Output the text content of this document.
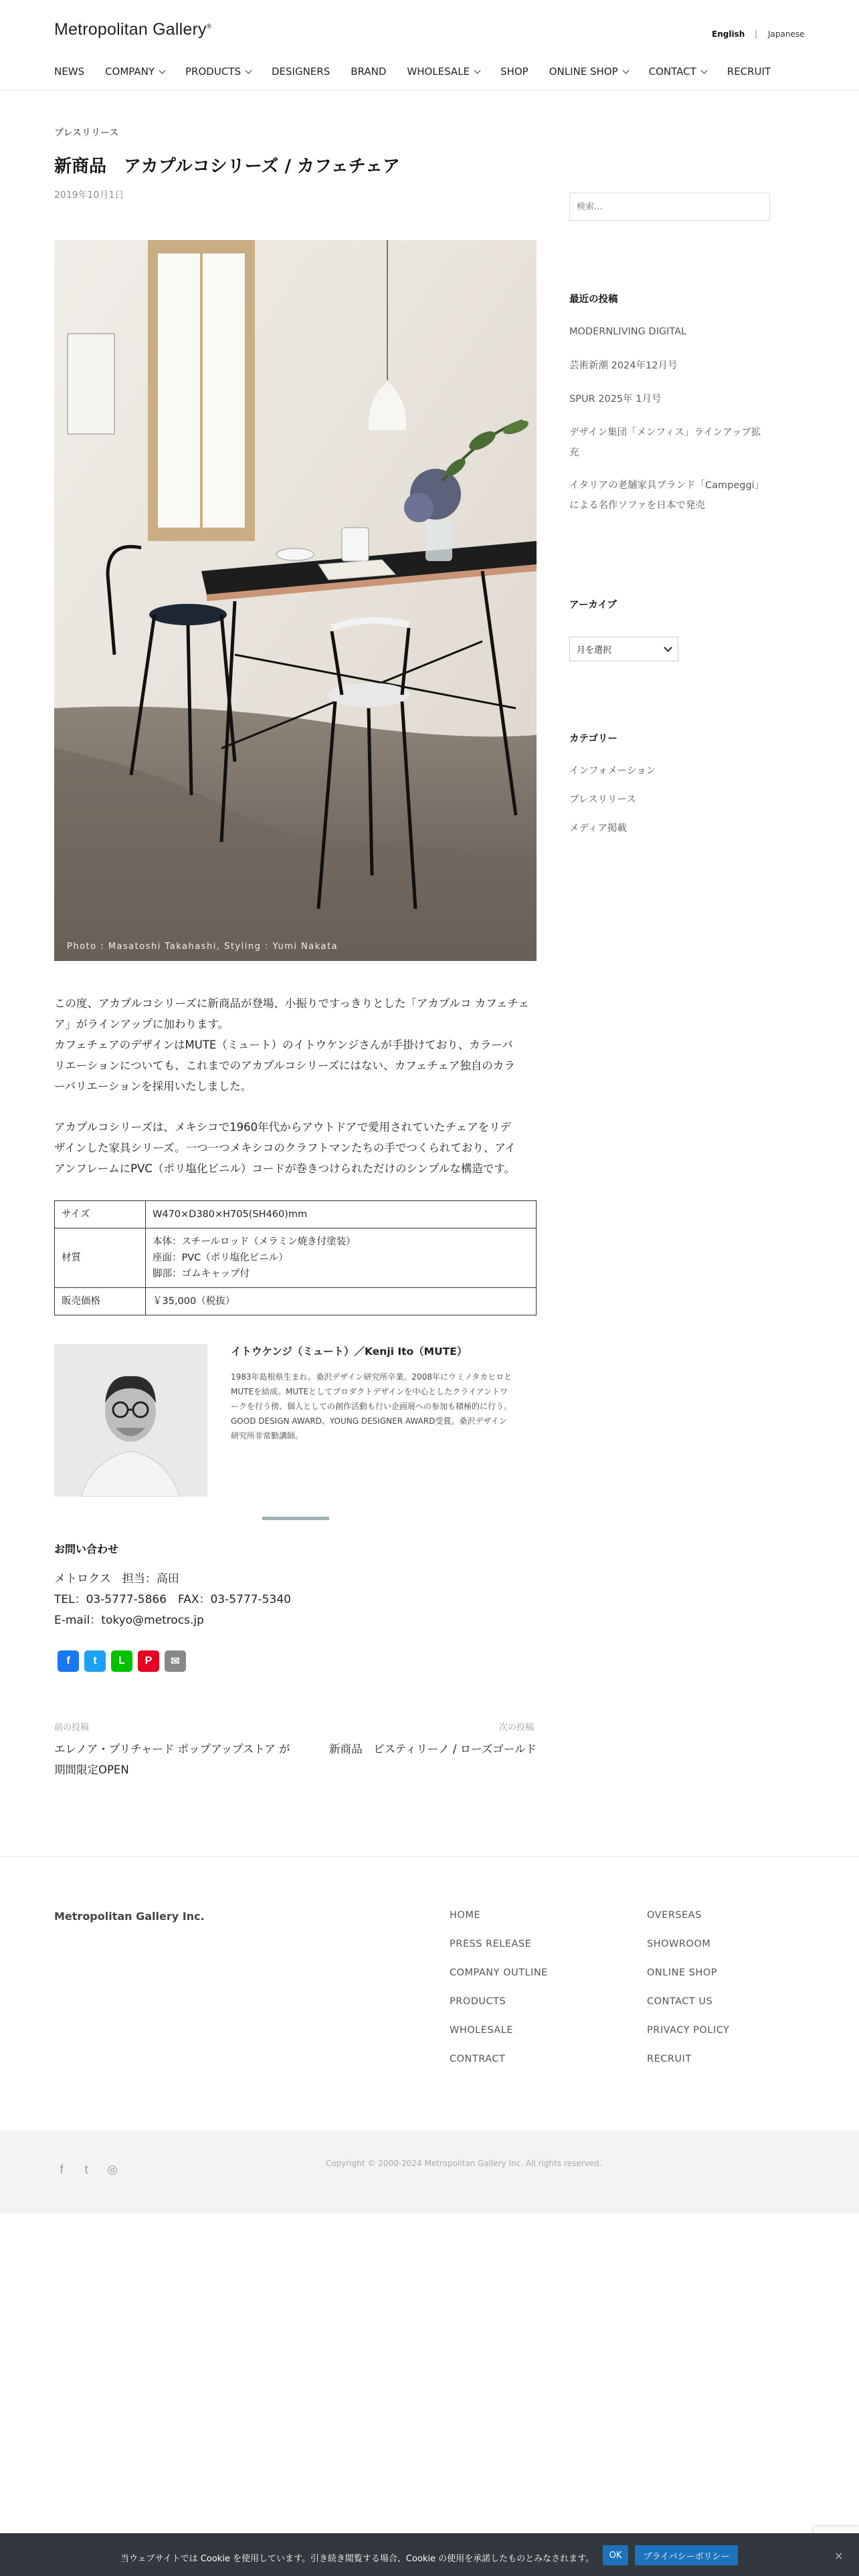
Metropolitan Gallery®
English | Japanese
NEWS COMPANY	PRODUCTS	DESIGNERS BRAND WHOLESALE	SHOP ONLINE SHOP	CONTACT	RECRUIT
プレスリリース
新商品　アカプルコシリーズ / カフェチェア
2019年10月1日
Photo : Masatoshi Takahashi, Styling : Yumi Nakata

この度、アカプルコシリーズに新商品が登場、小振りですっきりとした「アカプルコ カフェチェ

ア」がラインアップに加わります。

カフェチェアのデザインはMUTE（ミュート）のイトウケンジさんが手掛けており、カラーバ

リエーションについても、これまでのアカプルコシリーズにはない、カフェチェア独自のカラ

ーバリエーションを採用いたしました。

アカプルコシリーズは、メキシコで1960年代からアウトドアで愛用されていたチェアをリデ

ザインした家具シリーズ。一つ一つメキシコのクラフトマンたちの手でつくられており、アイ

アンフレームにPVC（ポリ塩化ビニル）コードが巻きつけられただけのシンプルな構造です。

サイズ	W470×D380×H705(SH460)mm
材質	本体：スチールロッド（メラミン焼き付塗装）
座面：PVC（ポリ塩化ビニル）
脚部：ゴムキャップ付

販売価格	￥35,000（税抜）
イトウケンジ（ミュート）／Kenji Ito（MUTE）
1983年島根県生まれ。桑沢デザイン研究所卒業。2008年にウミノタカヒロと
MUTEを結成。MUTEとしてプロダクトデザインを中心としたクライアントワ
ークを行う傍、個人としての創作活動も行い企画展への参加も積極的に行う。
GOOD DESIGN AWARD、YOUNG DESIGNER AWARD受賞。桑沢デザイン
研究所非常勤講師。
お問い合わせ
メトロクス　担当：高田
TEL：03-5777-5866　FAX：03-5777-5340
E-mail：tokyo@metrocs.jp
f	t	L	P	✉
前の投稿	次の投稿
エレノア・プリチャード ポップアップストア が期間限定OPEN
新商品　ピスティリーノ / ローズゴールド
検索...
最近の投稿
MODERNLIVING DIGITAL
芸術新潮 2024年12月号
SPUR 2025年 1月号
デザイン集団「メンフィス」ラインアップ拡充
イタリアの老舗家具ブランド「Campeggi」による名作ソファを日本で発売
アーカイブ
月を選択
カテゴリー
インフォメーション
プレスリリース
メディア掲載
Metropolitan Gallery Inc.	HOME
PRESS RELEASE
COMPANY OUTLINE
PRODUCTS
WHOLESALE
CONTRACT
OVERSEAS
SHOWROOM
ONLINE SHOP
CONTACT US
PRIVACY POLICY
RECRUIT
f	t	◎	Copyright © 2000-2024 Metropolitan Gallery Inc. All rights reserved.
当ウェブサイトでは Cookie を使用しています。引き続き閲覧する場合、Cookie の使用を承諾したものとみなされます。	OK	プライバシーポリシー	×
